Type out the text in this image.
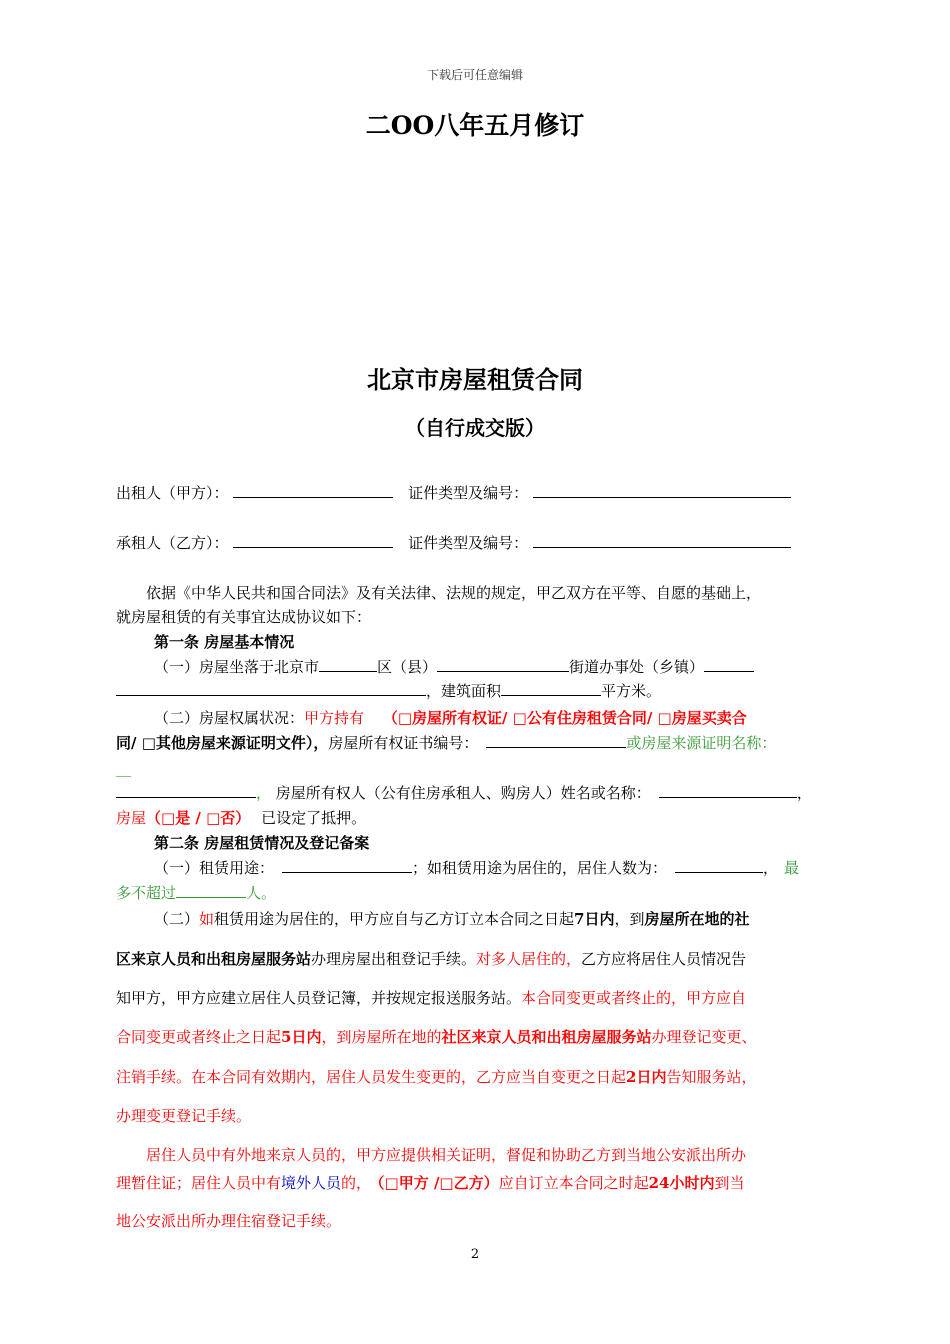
下载后可任意编辑
二OO八年五月修订
北京市房屋租赁合同
（自行成交版）
出租人（甲方）：	证件类型及编号：
承租人（乙方）：	证件类型及编号：
依据《中华人民共和国合同法》及有关法律、法规的规定，甲乙双方在平等、自愿的基础上，
就房屋租赁的有关事宜达成协议如下：
第一条 房屋基本情况
（一）房屋坐落于北京市	区（县）	街道办事处（乡镇）
，建筑面积	平方米。
（二）房屋权属状况：甲方持有 （□房屋所有权证/ □公有住房租赁合同/ □房屋买卖合
同/ □其他房屋来源证明文件），房屋所有权证书编号：	或房屋来源证明名称：
__
， 房屋所有权人（公有住房承租人、购房人）姓名或名称：	，
房屋（□是 / □否） 已设定了抵押。
第二条 房屋租赁情况及登记备案
（一）租赁用途：	；如租赁用途为居住的，居住人数为：	， 最
多不超过	人。
（二）如租赁用途为居住的，甲方应自与乙方订立本合同之日起7日内，到房屋所在地的社
区来京人员和出租房屋服务站办理房屋出租登记手续。对多人居住的，乙方应将居住人员情况告
知甲方，甲方应建立居住人员登记簿，并按规定报送服务站。本合同变更或者终止的，甲方应自
合同变更或者终止之日起5日内，到房屋所在地的社区来京人员和出租房屋服务站办理登记变更、
注销手续。在本合同有效期内，居住人员发生变更的，乙方应当自变更之日起2日内告知服务站，
办理变更登记手续。
居住人员中有外地来京人员的，甲方应提供相关证明，督促和协助乙方到当地公安派出所办
理暂住证；居住人员中有境外人员的， （□甲方 /□乙方）应自订立本合同之时起24小时内到当
地公安派出所办理住宿登记手续。
2
